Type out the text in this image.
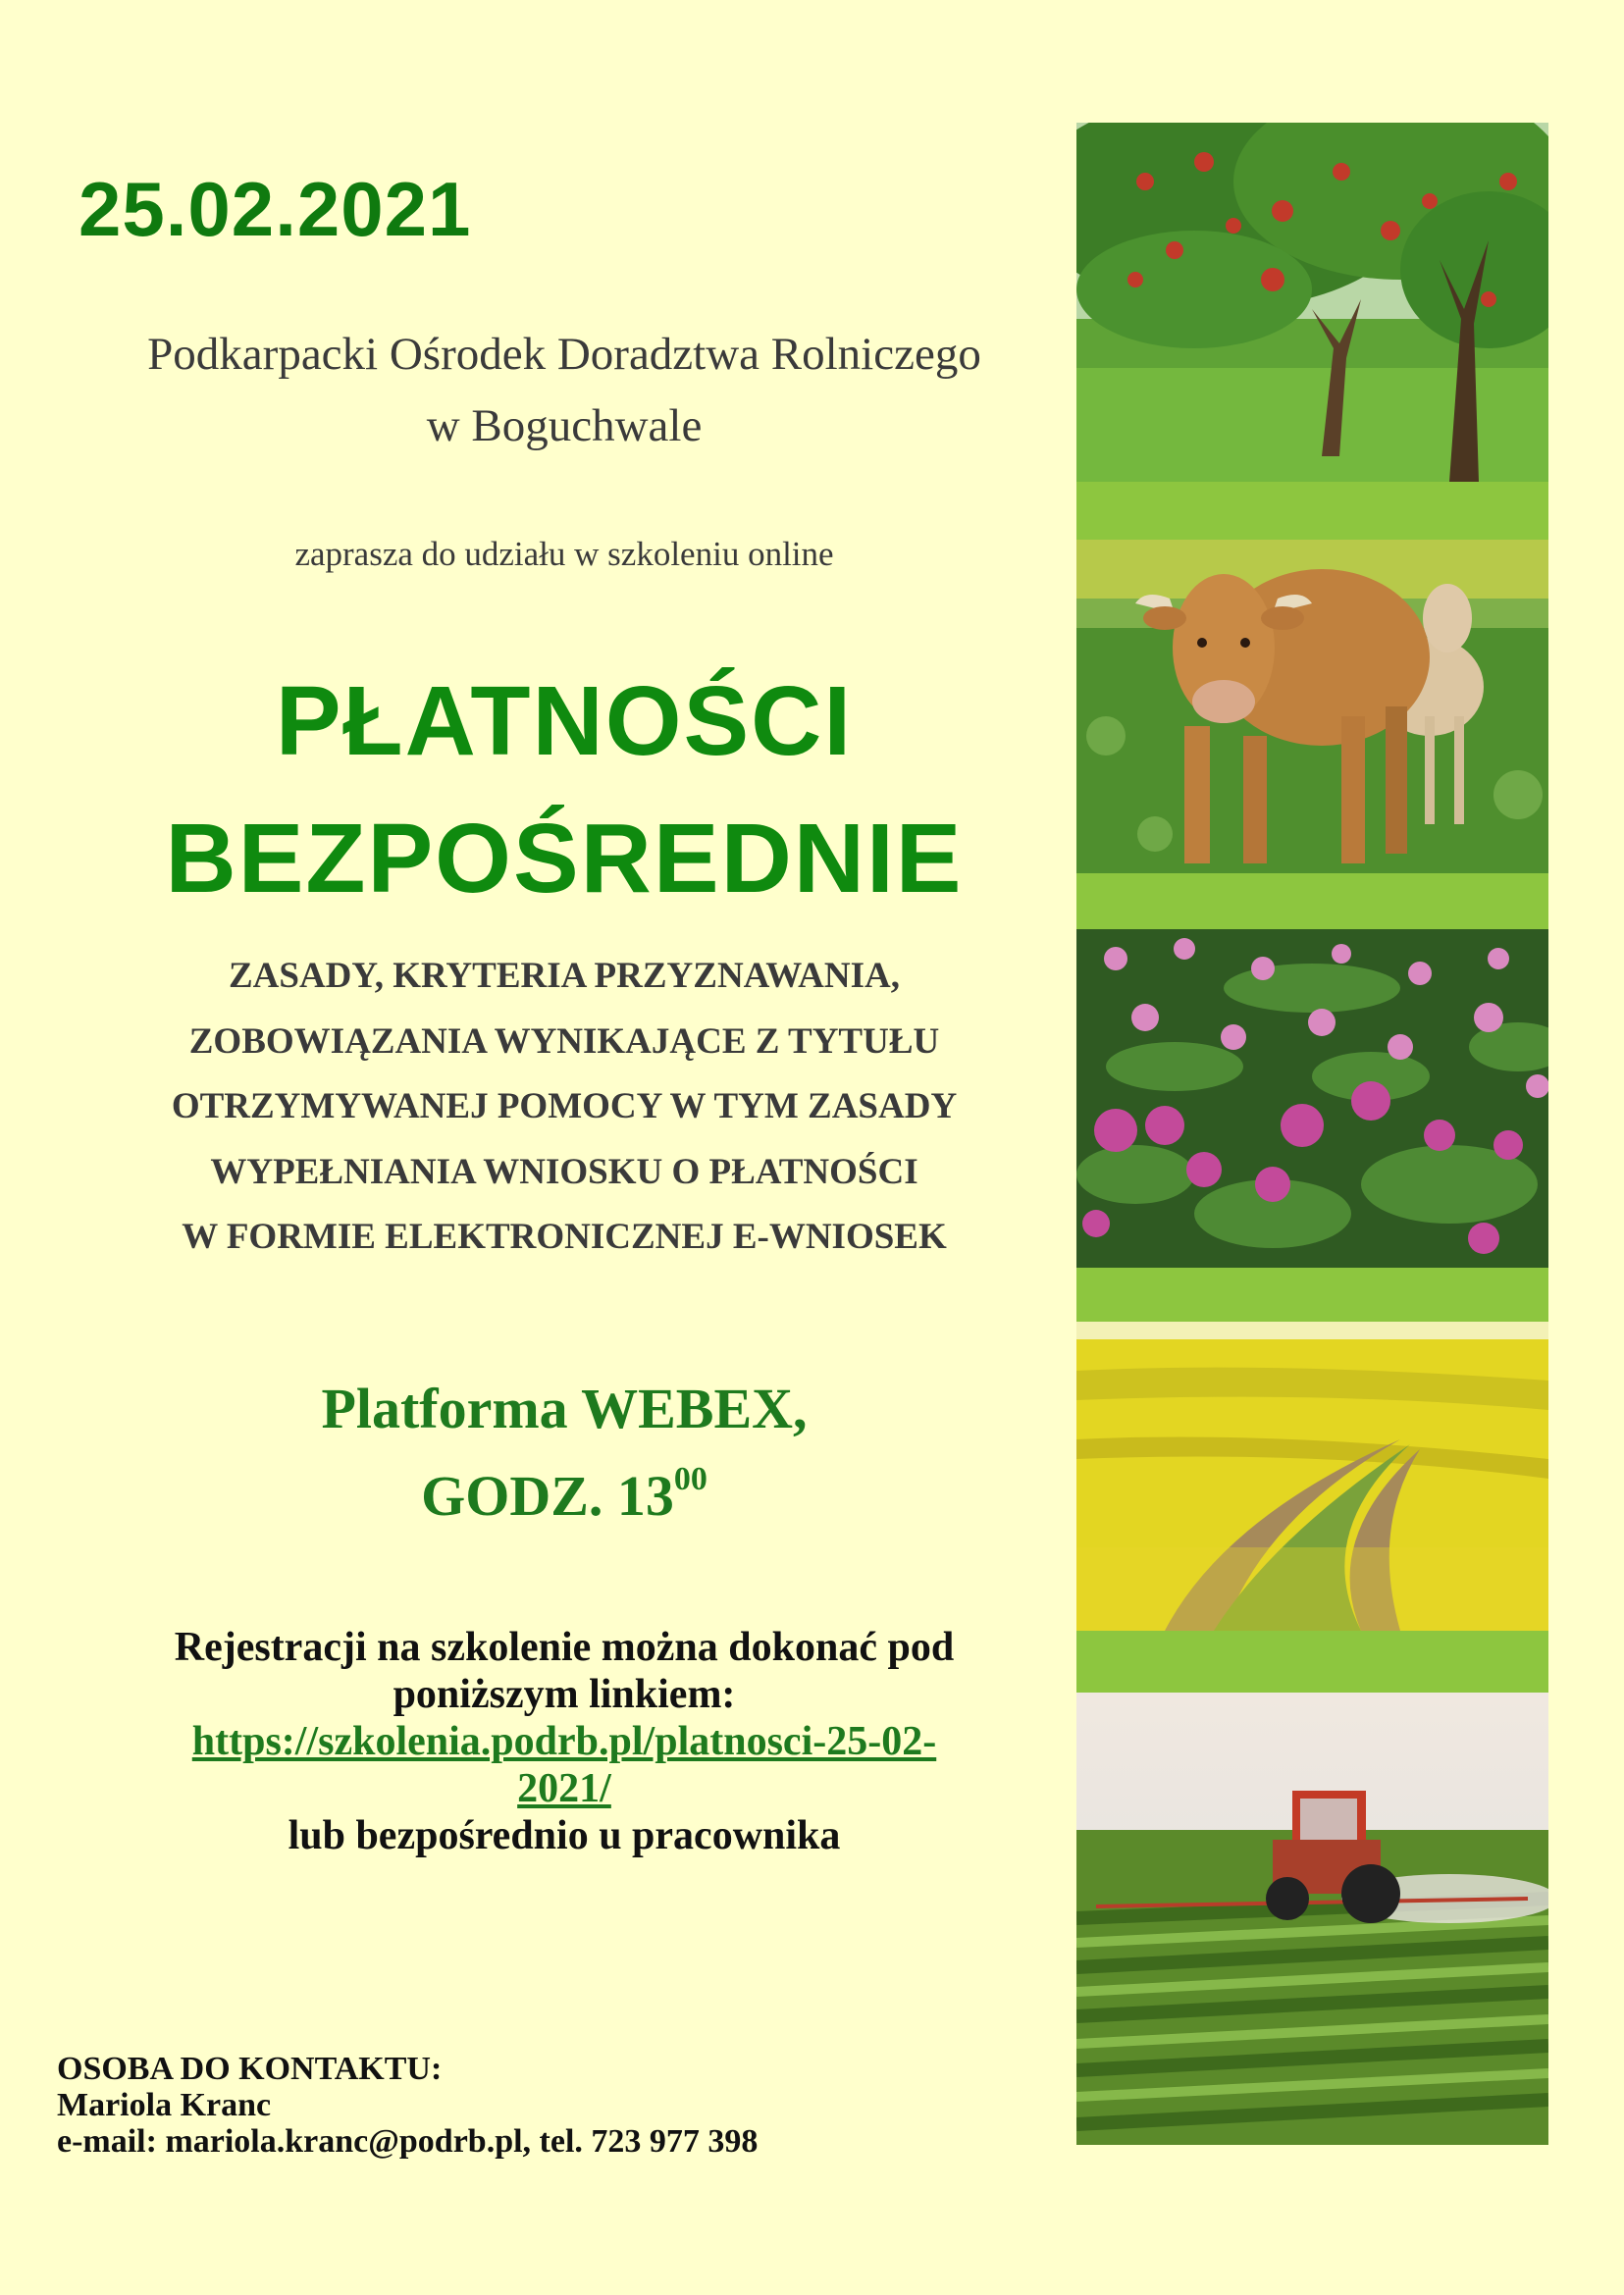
25.02.2021
Podkarpacki Ośrodek Doradztwa Rolniczego
w Boguchwale
zaprasza do udziału w szkoleniu online
PŁATNOŚCI
BEZPOŚREDNIE
ZASADY, KRYTERIA PRZYZNAWANIA,
ZOBOWIĄZANIA WYNIKAJĄCE Z TYTUŁU
OTRZYMYWANEJ POMOCY W TYM ZASADY
WYPEŁNIANIA WNIOSKU O PŁATNOŚCI
W FORMIE ELEKTRONICZNEJ E-WNIOSEK
Platforma WEBEX,
GODZ. $13^{00}$
Rejestracji na szkolenie można dokonać pod
poniższym linkiem:
https://szkolenia.podrb.pl/platnosci-25-02-
2021/
lub bezpośrednio u pracownika
OSOBA DO KONTAKTU:
Mariola Kranc
e-mail: mariola.kranc@podrb.pl, tel. 723 977 398
